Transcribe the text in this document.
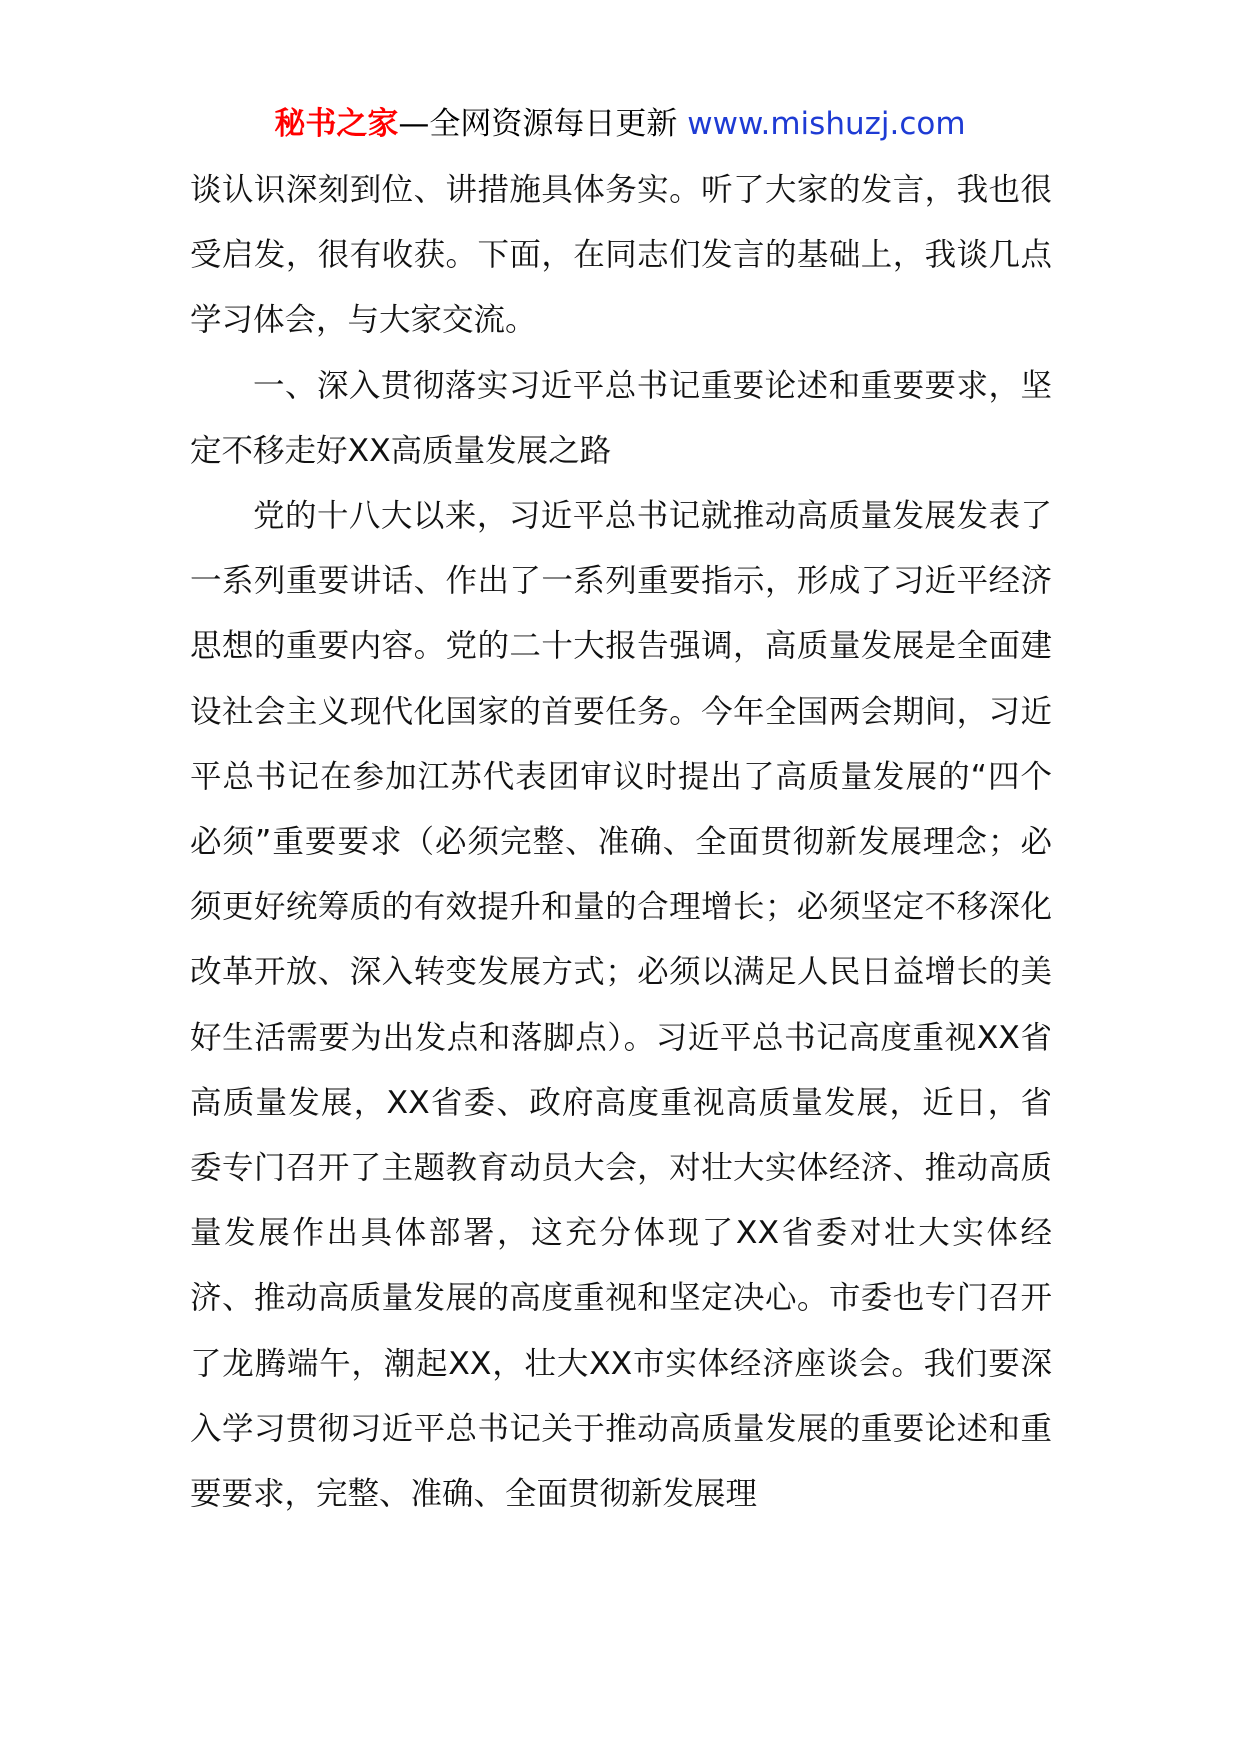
秘书之家—全网资源每日更新 www.mishuzj.com

谈认识深刻到位、讲措施具体务实。听了大家的发言，我也很受启发，很有收获。下面，在同志们发言的基础上，我谈几点学习体会，与大家交流。

一、深入贯彻落实习近平总书记重要论述和重要要求，坚定不移走好XX高质量发展之路

党的十八大以来，习近平总书记就推动高质量发展发表了一系列重要讲话、作出了一系列重要指示，形成了习近平经济思想的重要内容。党的二十大报告强调，高质量发展是全面建设社会主义现代化国家的首要任务。今年全国两会期间，习近平总书记在参加江苏代表团审议时提出了高质量发展的“四个必须”重要要求（必须完整、准确、全面贯彻新发展理念；必须更好统筹质的有效提升和量的合理增长；必须坚定不移深化改革开放、深入转变发展方式；必须以满足人民日益增长的美好生活需要为出发点和落脚点）。习近平总书记高度重视XX省高质量发展，XX省委、政府高度重视高质量发展，近日，省委专门召开了主题教育动员大会，对壮大实体经济、推动高质量发展作出具体部署，这充分体现了XX省委对壮大实体经济、推动高质量发展的高度重视和坚定决心。市委也专门召开了龙腾端午，潮起XX，壮大XX市实体经济座谈会。我们要深入学习贯彻习近平总书记关于推动高质量发展的重要论述和重要要求，完整、准确、全面贯彻新发展理
